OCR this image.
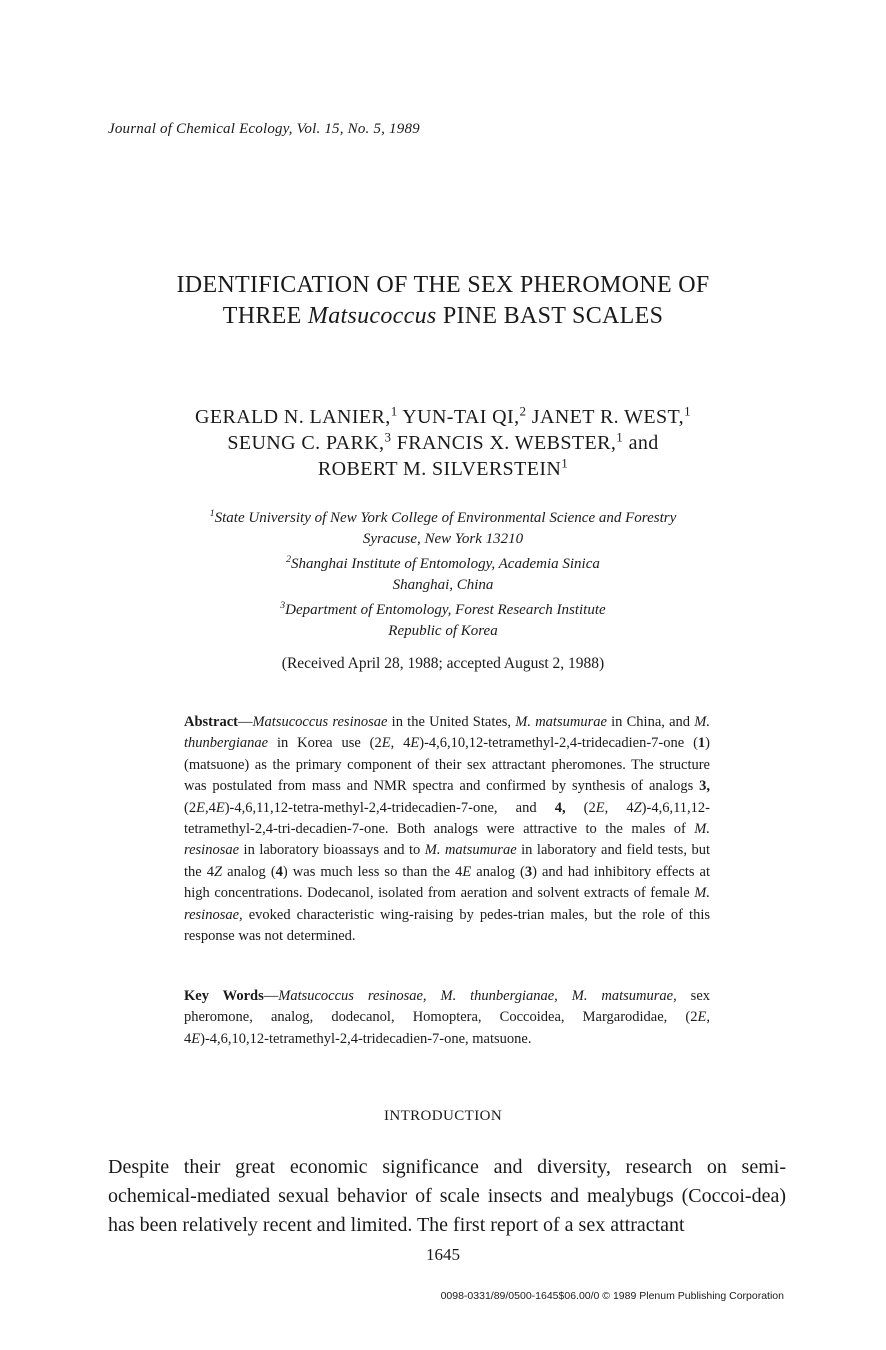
Journal of Chemical Ecology, Vol. 15, No. 5, 1989
IDENTIFICATION OF THE SEX PHEROMONE OF
THREE Matsucoccus PINE BAST SCALES
GERALD N. LANIER,$^1$ YUN-TAI QI,$^2$ JANET R. WEST,$^1$
SEUNG C. PARK,$^3$ FRANCIS X. WEBSTER,$^1$ and
ROBERT M. SILVERSTEIN$^1$
$^1$State University of New York College of Environmental Science and Forestry
Syracuse, New York 13210
$^2$Shanghai Institute of Entomology, Academia Sinica
Shanghai, China
$^3$Department of Entomology, Forest Research Institute
Republic of Korea
(Received April 28, 1988; accepted August 2, 1988)
Abstract—Matsucoccus resinosae in the United States, M. matsumurae in China, and M. thunbergianae in Korea use (2E, 4E)-4,6,10,12-tetramethyl-2,4-tridecadien-7-one (1) (matsuone) as the primary component of their sex attractant pheromones. The structure was postulated from mass and NMR spectra and confirmed by synthesis of analogs 3, (2E,4E)-4,6,11,12-tetra-methyl-2,4-tridecadien-7-one, and 4, (2E, 4Z)-4,6,11,12-tetramethyl-2,4-tri-decadien-7-one. Both analogs were attractive to the males of M. resinosae in laboratory bioassays and to M. matsumurae in laboratory and field tests, but the 4Z analog (4) was much less so than the 4E analog (3) and had inhibitory effects at high concentrations. Dodecanol, isolated from aeration and solvent extracts of female M. resinosae, evoked characteristic wing-raising by pedes-trian males, but the role of this response was not determined.
Key Words—Matsucoccus resinosae, M. thunbergianae, M. matsumurae, sex pheromone, analog, dodecanol, Homoptera, Coccoidea, Margarodidae, (2E, 4E)-4,6,10,12-tetramethyl-2,4-tridecadien-7-one, matsuone.
INTRODUCTION
Despite their great economic significance and diversity, research on semi-ochemical-mediated sexual behavior of scale insects and mealybugs (Coccoi-dea) has been relatively recent and limited. The first report of a sex attractant
1645
0098-0331/89/0500-1645$06.00/0 © 1989 Plenum Publishing Corporation
